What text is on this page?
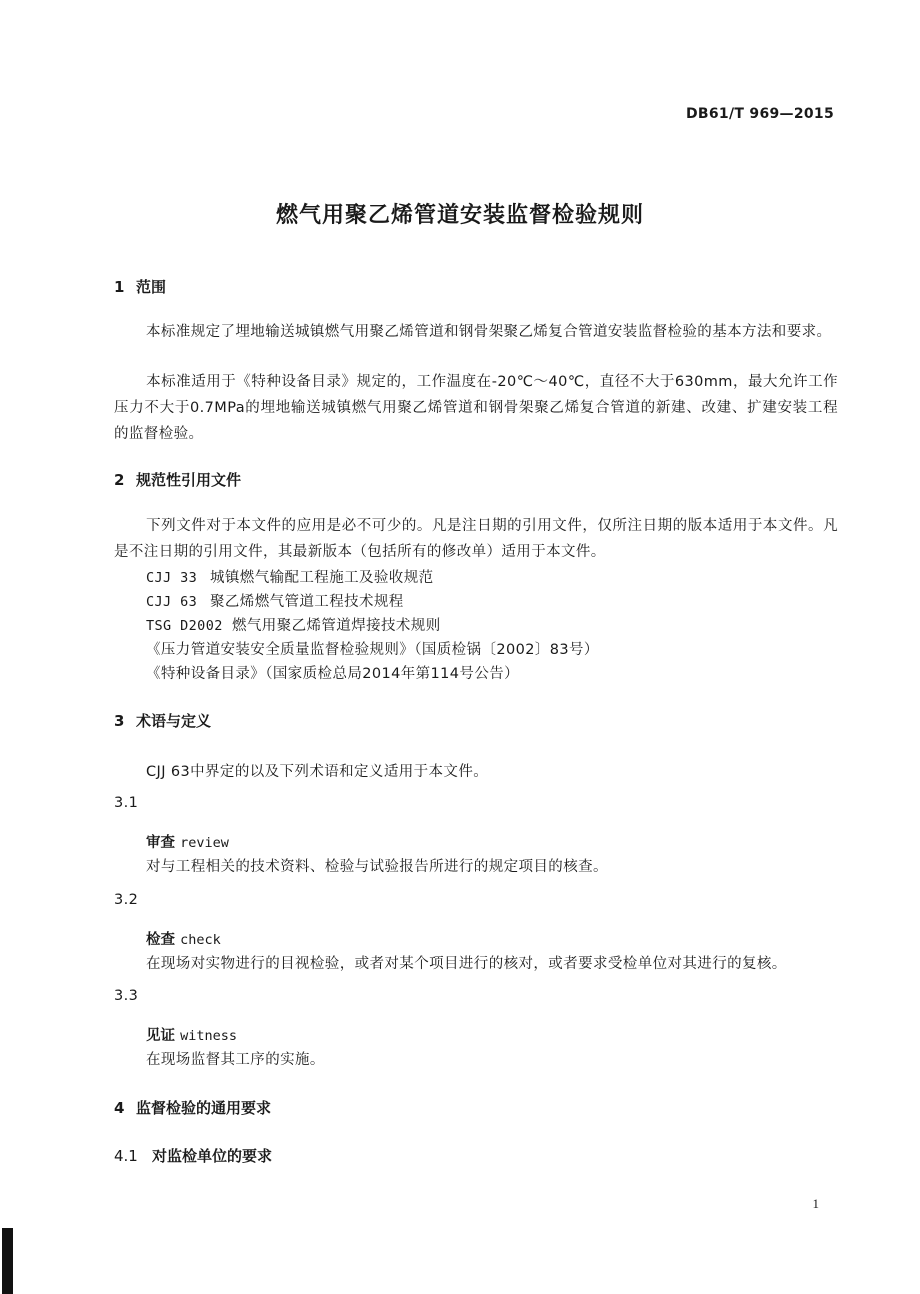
DB61/T 969—2015
燃气用聚乙烯管道安装监督检验规则
1 范围
本标准规定了埋地输送城镇燃气用聚乙烯管道和钢骨架聚乙烯复合管道安装监督检验的基本方法和要求。
本标准适用于《特种设备目录》规定的，工作温度在-20℃～40℃，直径不大于630mm，最大允许工作压力不大于0.7MPa的埋地输送城镇燃气用聚乙烯管道和钢骨架聚乙烯复合管道的新建、改建、扩建安装工程的监督检验。
2 规范性引用文件
下列文件对于本文件的应用是必不可少的。凡是注日期的引用文件，仅所注日期的版本适用于本文件。凡是不注日期的引用文件，其最新版本（包括所有的修改单）适用于本文件。
CJJ 33 城镇燃气输配工程施工及验收规范
CJJ 63 聚乙烯燃气管道工程技术规程
TSG D2002 燃气用聚乙烯管道焊接技术规则
《压力管道安装安全质量监督检验规则》（国质检锅〔2002〕83号）
《特种设备目录》（国家质检总局2014年第114号公告）
3 术语与定义
CJJ 63中界定的以及下列术语和定义适用于本文件。
3.1
审查 review
对与工程相关的技术资料、检验与试验报告所进行的规定项目的核查。
3.2
检查 check
在现场对实物进行的目视检验，或者对某个项目进行的核对，或者要求受检单位对其进行的复核。
3.3
见证 witness
在现场监督其工序的实施。
4 监督检验的通用要求
4.1 对监检单位的要求
1
